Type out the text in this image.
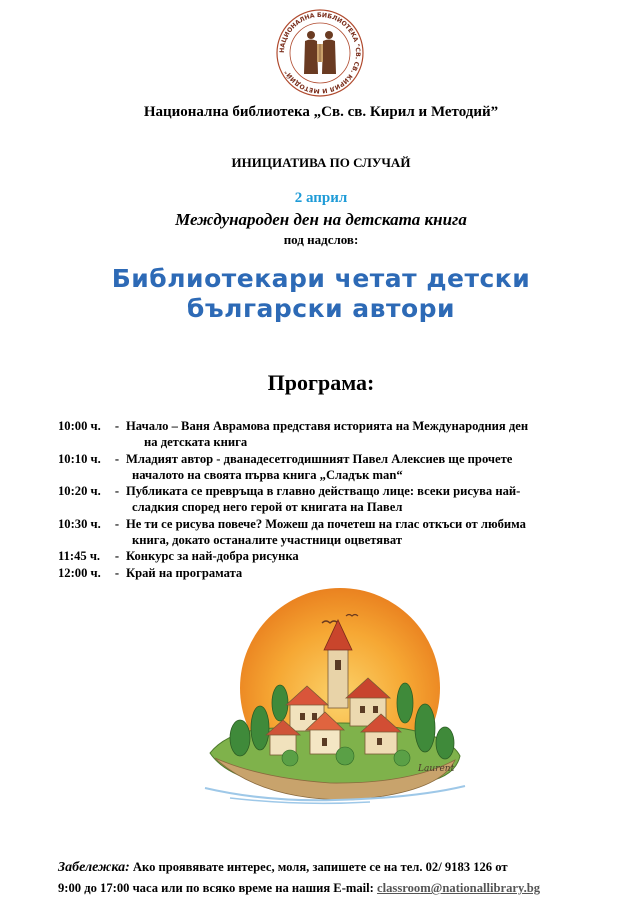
НАЦИОНАЛНА БИБЛИОТЕКА "СВ. СВ. КИРИЛ И МЕТОДИЙ"
Национална библиотека „Св. св. Кирил и Методий”
ИНИЦИАТИВА ПО СЛУЧАЙ
2 април
Международен ден на детската книга
под надслов:
Библиотекари четат детски
български автори
Програма:
10:00 ч.	- Начало – Ваня Аврамова представя историята на Международния ден
на детската книга
10:10 ч.	- Младият автор - дванадесетгодишният Павел Алексиев ще прочете
началото на своята първа книга „Сладък man“
10:20 ч.	- Публиката се превръща в главно действащо лице: всеки рисува най-
сладкия според него герой от книгата на Павел
10:30 ч.	- Не ти се рисува повече? Можеш да почетеш на глас откъси от любима
книга, докато останалите участници оцветяват
11:45 ч.	- Конкурс за най-добра рисунка
12:00 ч.	- Край на програмата
Laurent
Забележка: Ако проявявате интерес, моля, запишете се на тел. 02/ 9183 126 от
9:00 до 17:00 часа или по всяко време на нашия E-mail: classroom@nationallibrary.bg
